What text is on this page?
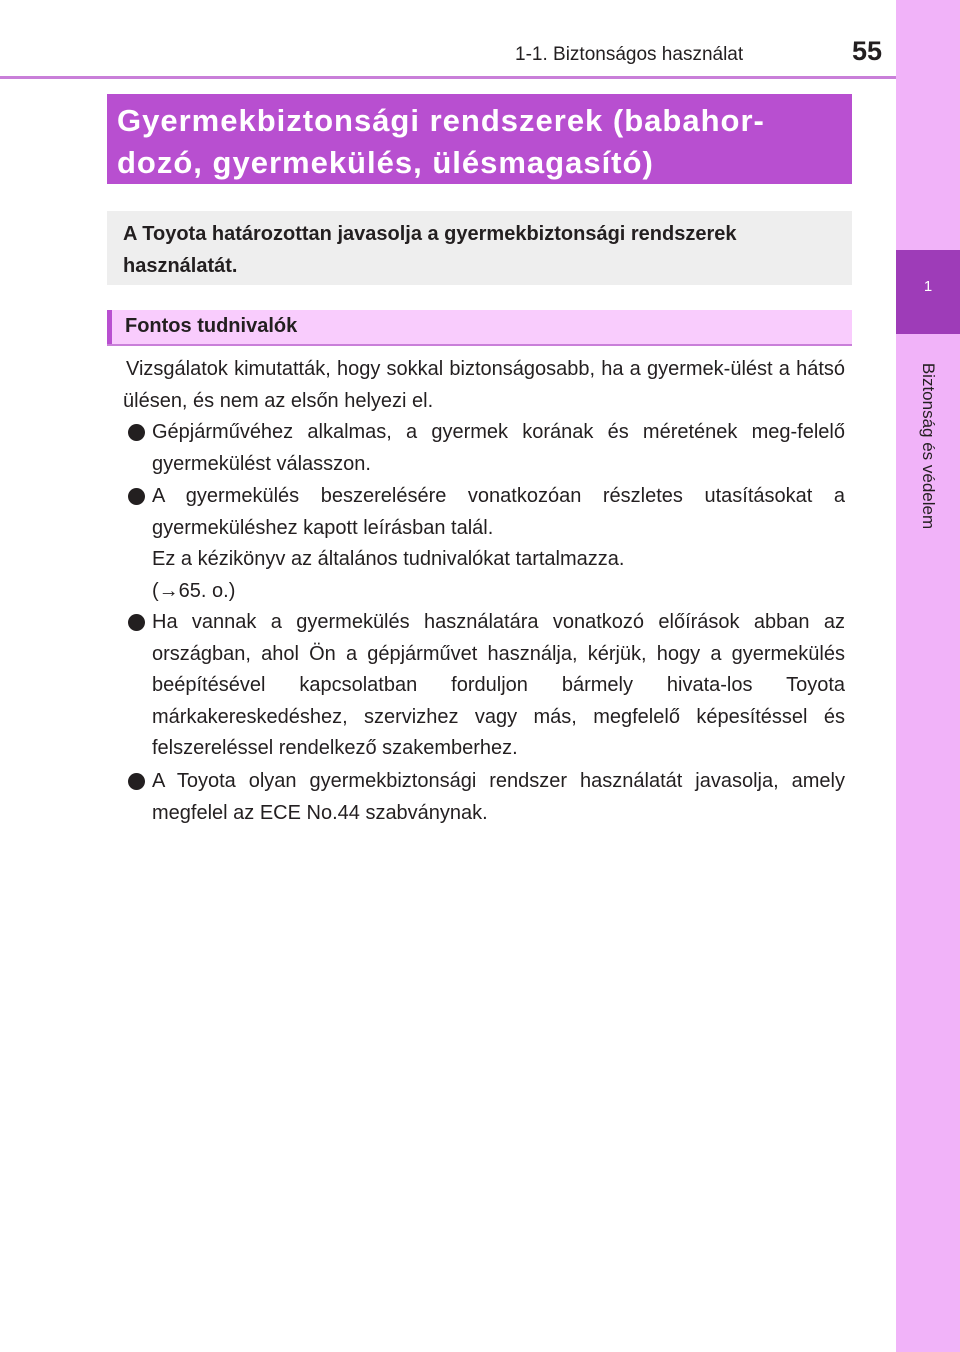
1-1. Biztonságos használat	55
1
Biztonság és védelem
Gyermekbiztonsági rendszerek (babahor-
dozó, gyermekülés, ülésmagasító)
A Toyota határozottan javasolja a gyermekbiztonsági rendszerek használatát.
Fontos tudnivalók
Vizsgálatok kimutatták, hogy sokkal biztonságosabb, ha a gyermek-ülést a hátsó ülésen, és nem az elsőn helyezi el.
Gépjárművéhez alkalmas, a gyermek korának és méretének meg-felelő gyermekülést válasszon.
A gyermekülés beszerelésére vonatkozóan részletes utasításokat a gyermeküléshez kapott leírásban talál.
Ez a kézikönyv az általános tudnivalókat tartalmazza.
(→65. o.)
Ha vannak a gyermekülés használatára vonatkozó előírások abban az országban, ahol Ön a gépjárművet használja, kérjük, hogy a gyermekülés beépítésével kapcsolatban forduljon bármely hivata-los Toyota márkakereskedéshez, szervizhez vagy más, megfelelő képesítéssel és felszereléssel rendelkező szakemberhez.
A Toyota olyan gyermekbiztonsági rendszer használatát javasolja, amely megfelel az ECE No.44 szabványnak.
